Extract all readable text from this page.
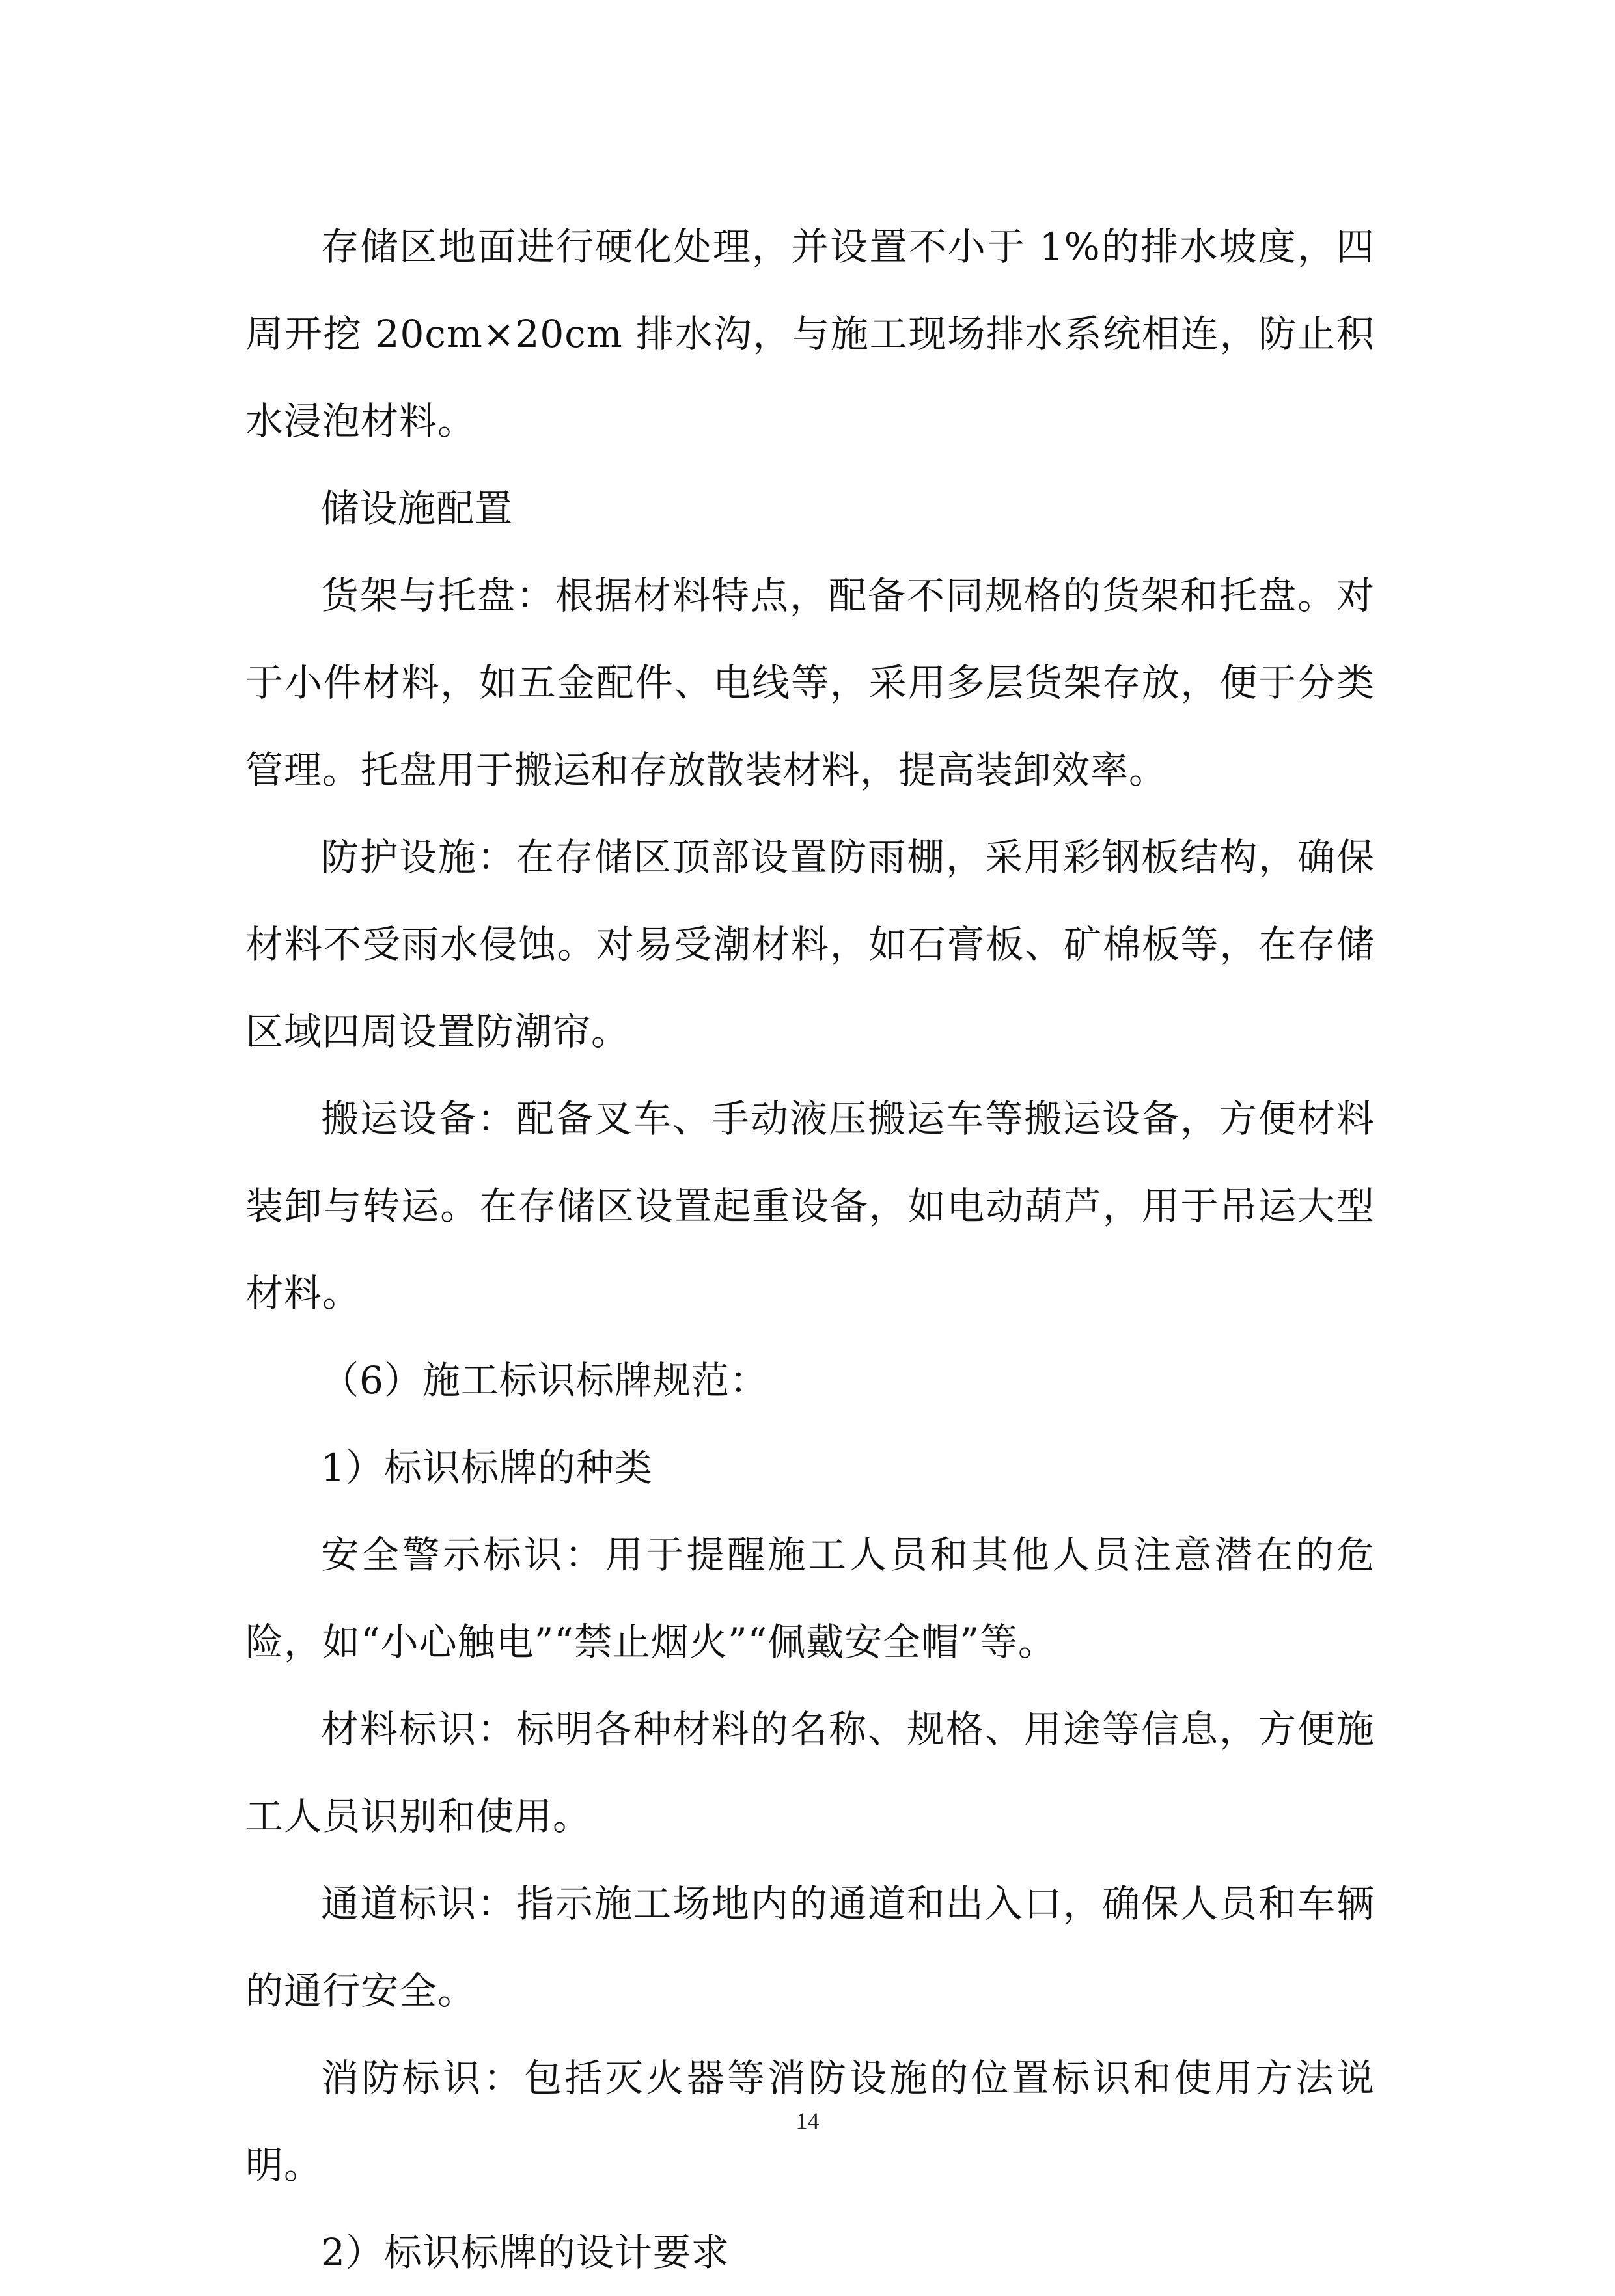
存储区地面进行硬化处理，并设置不小于 1%的排水坡度，四周开挖 20cm×20cm 排水沟，与施工现场排水系统相连，防止积水浸泡材料。

储设施配置

货架与托盘：根据材料特点，配备不同规格的货架和托盘。对于小件材料，如五金配件、电线等，采用多层货架存放，便于分类管理。托盘用于搬运和存放散装材料，提高装卸效率。

防护设施：在存储区顶部设置防雨棚，采用彩钢板结构，确保材料不受雨水侵蚀。对易受潮材料，如石膏板、矿棉板等，在存储区域四周设置防潮帘。

搬运设备：配备叉车、手动液压搬运车等搬运设备，方便材料装卸与转运。在存储区设置起重设备，如电动葫芦，用于吊运大型材料。

（6）施工标识标牌规范：

1）标识标牌的种类

安全警示标识：用于提醒施工人员和其他人员注意潜在的危险，如“小心触电”“禁止烟火”“佩戴安全帽”等。

材料标识：标明各种材料的名称、规格、用途等信息，方便施工人员识别和使用。

通道标识：指示施工场地内的通道和出入口，确保人员和车辆的通行安全。

消防标识：包括灭火器等消防设施的位置标识和使用方法说明。

2）标识标牌的设计要求

14
